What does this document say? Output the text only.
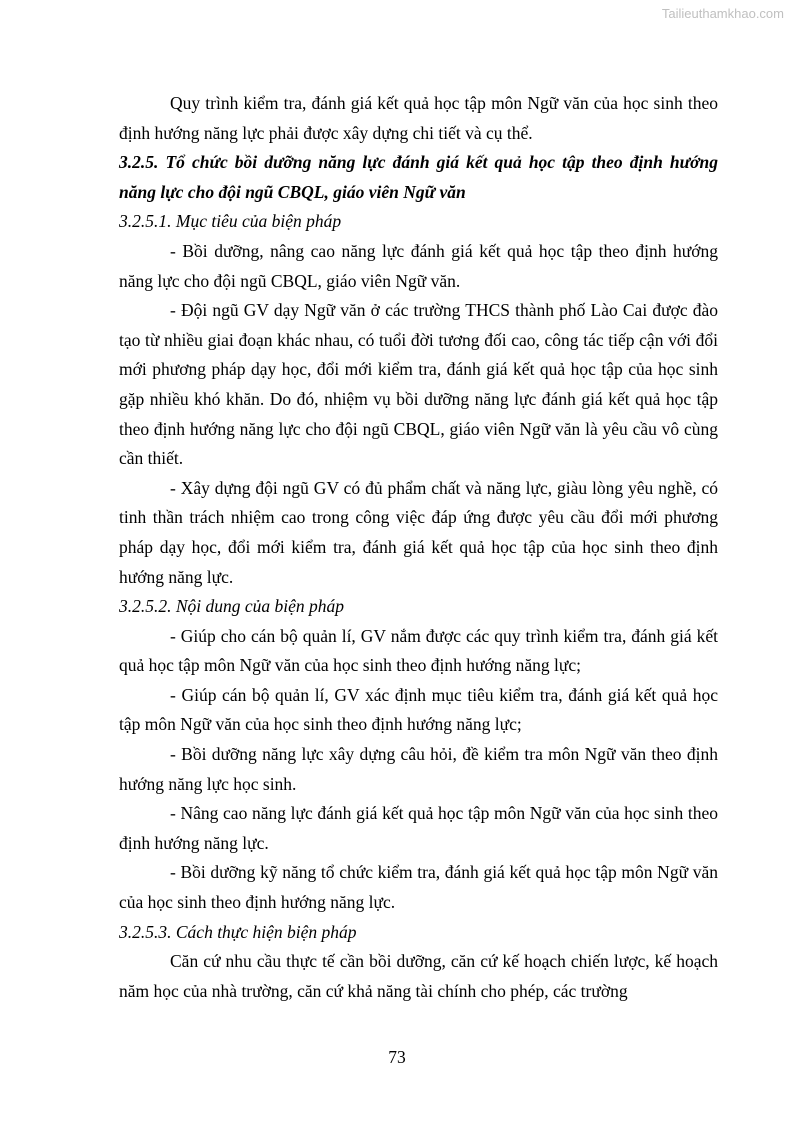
Tailieuthamkhao.com

Quy trình kiểm tra, đánh giá kết quả học tập môn Ngữ văn của học sinh theo định hướng năng lực phải được xây dựng chi tiết và cụ thể.

3.2.5. Tổ chức bồi dưỡng năng lực đánh giá kết quả học tập theo định hướng năng lực cho đội ngũ CBQL, giáo viên Ngữ văn

3.2.5.1. Mục tiêu của biện pháp

- Bồi dưỡng, nâng cao năng lực đánh giá kết quả học tập theo định hướng năng lực cho đội ngũ CBQL, giáo viên Ngữ văn.

- Đội ngũ GV dạy Ngữ văn ở các trường THCS thành phố Lào Cai được đào tạo từ nhiều giai đoạn khác nhau, có tuổi đời tương đối cao, công tác tiếp cận với đổi mới phương pháp dạy học, đổi mới kiểm tra, đánh giá kết quả học tập của học sinh gặp nhiều khó khăn. Do đó, nhiệm vụ bồi dưỡng năng lực đánh giá kết quả học tập theo định hướng năng lực cho đội ngũ CBQL, giáo viên Ngữ văn là yêu cầu vô cùng cần thiết.

- Xây dựng đội ngũ GV có đủ phẩm chất và năng lực, giàu lòng yêu nghề, có tinh thần trách nhiệm cao trong công việc đáp ứng được yêu cầu đổi mới phương pháp dạy học, đổi mới kiểm tra, đánh giá kết quả học tập của học sinh theo định hướng năng lực.

3.2.5.2. Nội dung của biện pháp

- Giúp cho cán bộ quản lí, GV nắm được các quy trình kiểm tra, đánh giá kết quả học tập môn Ngữ văn của học sinh theo định hướng năng lực;

- Giúp cán bộ quản lí, GV xác định mục tiêu kiểm tra, đánh giá kết quả học tập môn Ngữ văn của học sinh theo định hướng năng lực;

- Bồi dưỡng năng lực xây dựng câu hỏi, đề kiểm tra môn Ngữ văn theo định hướng năng lực học sinh.

- Nâng cao năng lực đánh giá kết quả học tập môn Ngữ văn của học sinh theo định hướng năng lực.

- Bồi dưỡng kỹ năng tổ chức kiểm tra, đánh giá kết quả học tập môn Ngữ văn của học sinh theo định hướng năng lực.

3.2.5.3. Cách thực hiện biện pháp

Căn cứ nhu cầu thực tế cần bồi dưỡng, căn cứ kế hoạch chiến lược, kế hoạch năm học của nhà trường, căn cứ khả năng tài chính cho phép, các trường

73
